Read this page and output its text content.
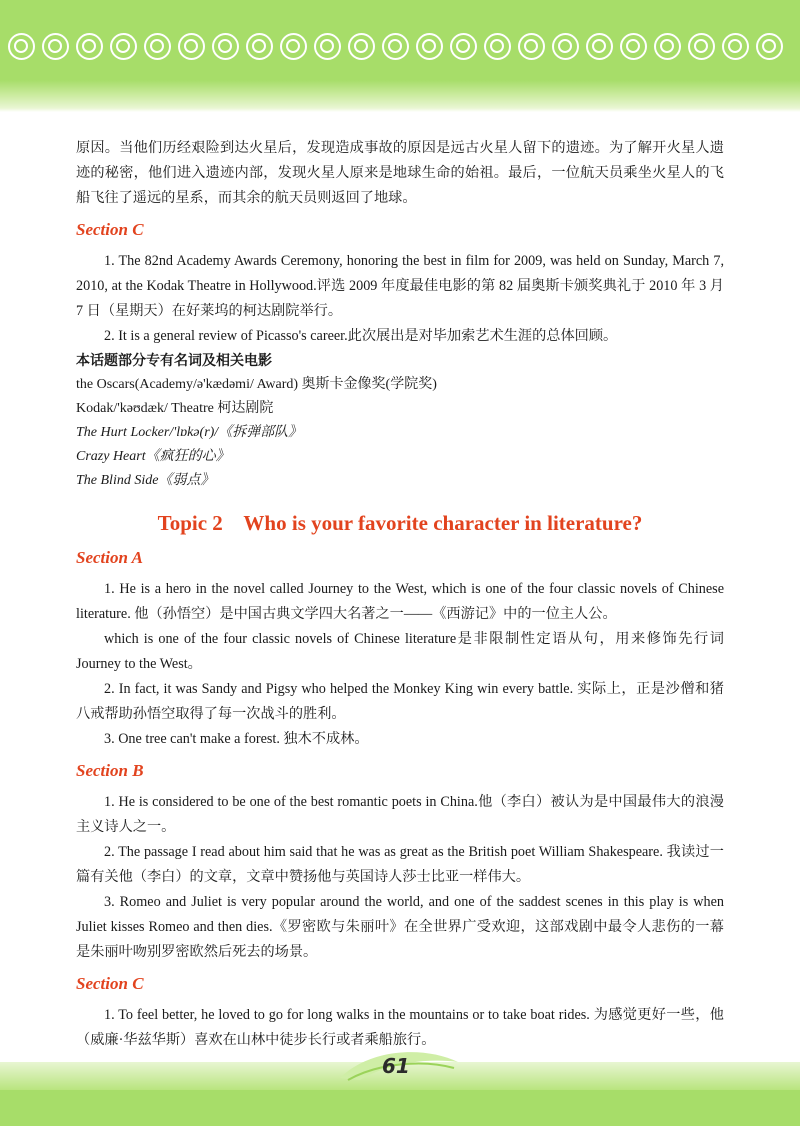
原因。当他们历经艰险到达火星后，发现造成事故的原因是远古火星人留下的遗迹。为了解开火星人遗迹的秘密，他们进入遗迹内部，发现火星人原来是地球生命的始祖。最后，一位航天员乘坐火星人的飞船飞往了遥远的星系，而其余的航天员则返回了地球。

Section C

1. The 82nd Academy Awards Ceremony, honoring the best in film for 2009, was held on Sunday, March 7, 2010, at the Kodak Theatre in Hollywood.评选 2009 年度最佳电影的第 82 届奥斯卡颁奖典礼于 2010 年 3 月 7 日（星期天）在好莱坞的柯达剧院举行。

2. It is a general review of Picasso's career.此次展出是对毕加索艺术生涯的总体回顾。

本话题部分专有名词及相关电影

the Oscars(Academy/ə'kædəmi/ Award) 奥斯卡金像奖(学院奖)

Kodak/'kəʊdæk/ Theatre 柯达剧院

The Hurt Locker/'lɒkə(r)/《拆弹部队》

Crazy Heart《疯狂的心》

The Blind Side《弱点》

Topic 2    Who is your favorite character in literature?
Section A

1. He is a hero in the novel called Journey to the West, which is one of the four classic novels of Chinese literature. 他（孙悟空）是中国古典文学四大名著之一——《西游记》中的一位主人公。

which is one of the four classic novels of Chinese literature是非限制性定语从句，用来修饰先行词 Journey to the West。

2. In fact, it was Sandy and Pigsy who helped the Monkey King win every battle. 实际上，正是沙僧和猪八戒帮助孙悟空取得了每一次战斗的胜利。

3. One tree can't make a forest. 独木不成林。

Section B

1. He is considered to be one of the best romantic poets in China.他（李白）被认为是中国最伟大的浪漫主义诗人之一。

2. The passage I read about him said that he was as great as the British poet William Shakespeare. 我读过一篇有关他（李白）的文章，文章中赞扬他与英国诗人莎士比亚一样伟大。

3. Romeo and Juliet is very popular around the world, and one of the saddest scenes in this play is when Juliet kisses Romeo and then dies.《罗密欧与朱丽叶》在全世界广受欢迎，这部戏剧中最令人悲伤的一幕是朱丽叶吻别罗密欧然后死去的场景。

Section C

1. To feel better, he loved to go for long walks in the mountains or to take boat rides. 为感觉更好一些，他（威廉·华兹华斯）喜欢在山林中徒步长行或者乘船旅行。

61
